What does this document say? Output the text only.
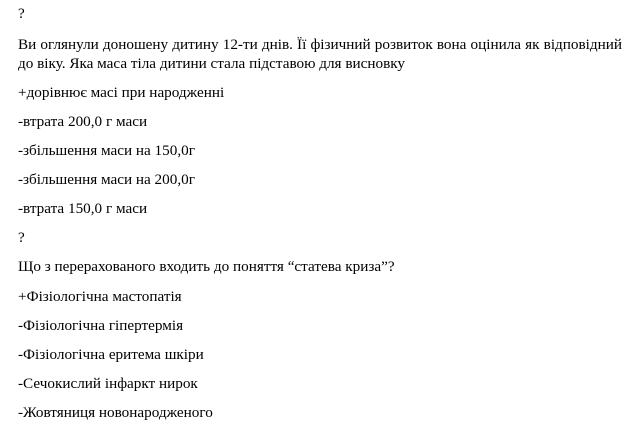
?
Ви оглянули доношену дитину 12-ти днів. Її фізичний розвиток вона оцінила як відповідний до віку. Яка маса тіла дитини стала підставою для висновку
+дорівнює масі при народженні
-втрата 200,0 г маси
-збільшення маси на 150,0г
-збільшення маси на 200,0г
-втрата 150,0 г маси
?
Що з перерахованого входить до поняття “статева криза”?
+Фізіологічна мастопатія
-Фізіологічна гіпертермія
-Фізіологічна еритема шкіри
-Сечокислий інфаркт нирок
-Жовтяниця новонародженого
